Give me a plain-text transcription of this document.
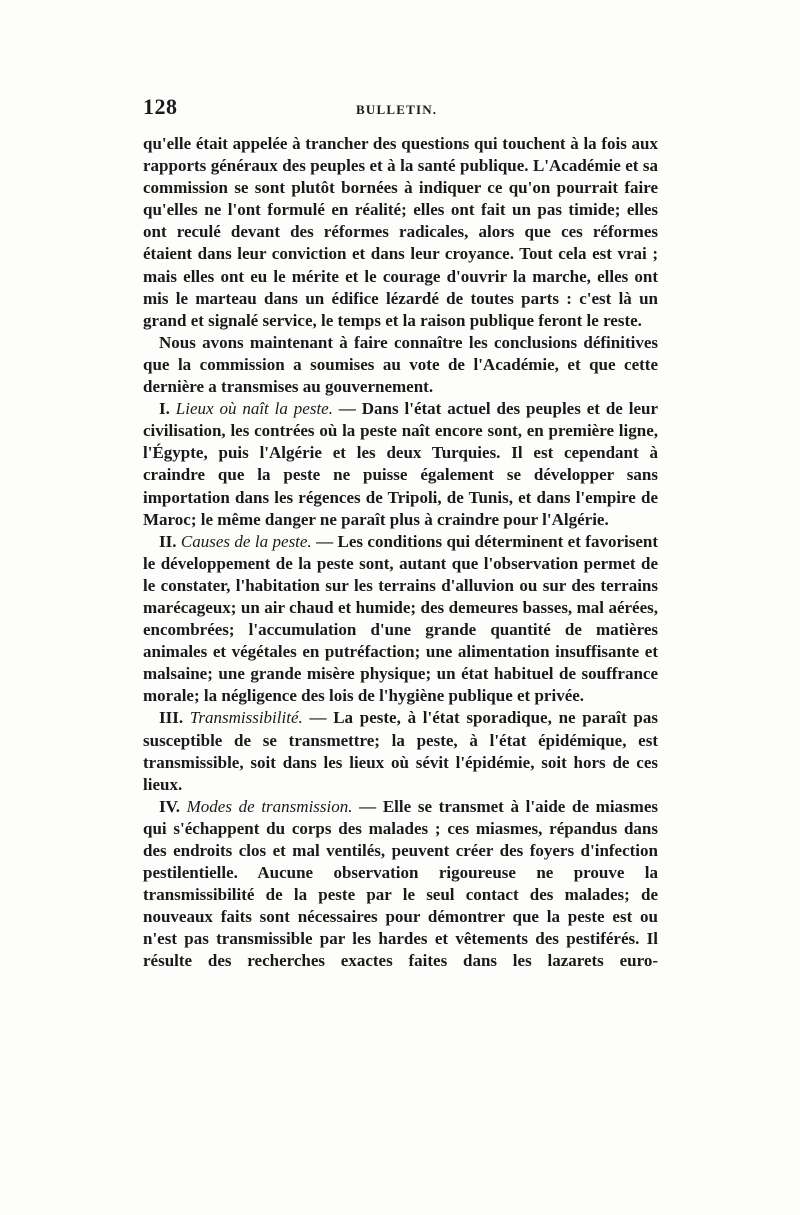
128	BULLETIN.

qu'elle était appelée à trancher des questions qui touchent à la fois aux rapports généraux des peuples et à la santé publique. L'Académie et sa commission se sont plutôt bornées à indiquer ce qu'on pourrait faire qu'elles ne l'ont formulé en réalité; elles ont fait un pas timide; elles ont reculé devant des réformes radicales, alors que ces réformes étaient dans leur conviction et dans leur croyance. Tout cela est vrai ; mais elles ont eu le mérite et le courage d'ouvrir la marche, elles ont mis le marteau dans un édifice lézardé de toutes parts : c'est là un grand et signalé service, le temps et la raison publique feront le reste.

Nous avons maintenant à faire connaître les conclusions définitives que la commission a soumises au vote de l'Académie, et que cette dernière a transmises au gouvernement.

I. Lieux où naît la peste. — Dans l'état actuel des peuples et de leur civilisation, les contrées où la peste naît encore sont, en première ligne, l'Égypte, puis l'Algérie et les deux Turquies. Il est cependant à craindre que la peste ne puisse également se développer sans importation dans les régences de Tripoli, de Tunis, et dans l'empire de Maroc; le même danger ne paraît plus à craindre pour l'Algérie.

II. Causes de la peste. — Les conditions qui déterminent et favorisent le développement de la peste sont, autant que l'observation permet de le constater, l'habitation sur les terrains d'alluvion ou sur des terrains marécageux; un air chaud et humide; des demeures basses, mal aérées, encombrées; l'accumulation d'une grande quantité de matières animales et végétales en putréfaction; une alimentation insuffisante et malsaine; une grande misère physique; un état habituel de souffrance morale; la négligence des lois de l'hygiène publique et privée.

III. Transmissibilité. — La peste, à l'état sporadique, ne paraît pas susceptible de se transmettre; la peste, à l'état épidémique, est transmissible, soit dans les lieux où sévit l'épidémie, soit hors de ces lieux.

IV. Modes de transmission. — Elle se transmet à l'aide de miasmes qui s'échappent du corps des malades ; ces miasmes, répandus dans des endroits clos et mal ventilés, peuvent créer des foyers d'infection pestilentielle. Aucune observation rigoureuse ne prouve la transmissibilité de la peste par le seul contact des malades; de nouveaux faits sont nécessaires pour démontrer que la peste est ou n'est pas transmissible par les hardes et vêtements des pestiférés. Il résulte des recherches exactes faites dans les lazarets euro-
